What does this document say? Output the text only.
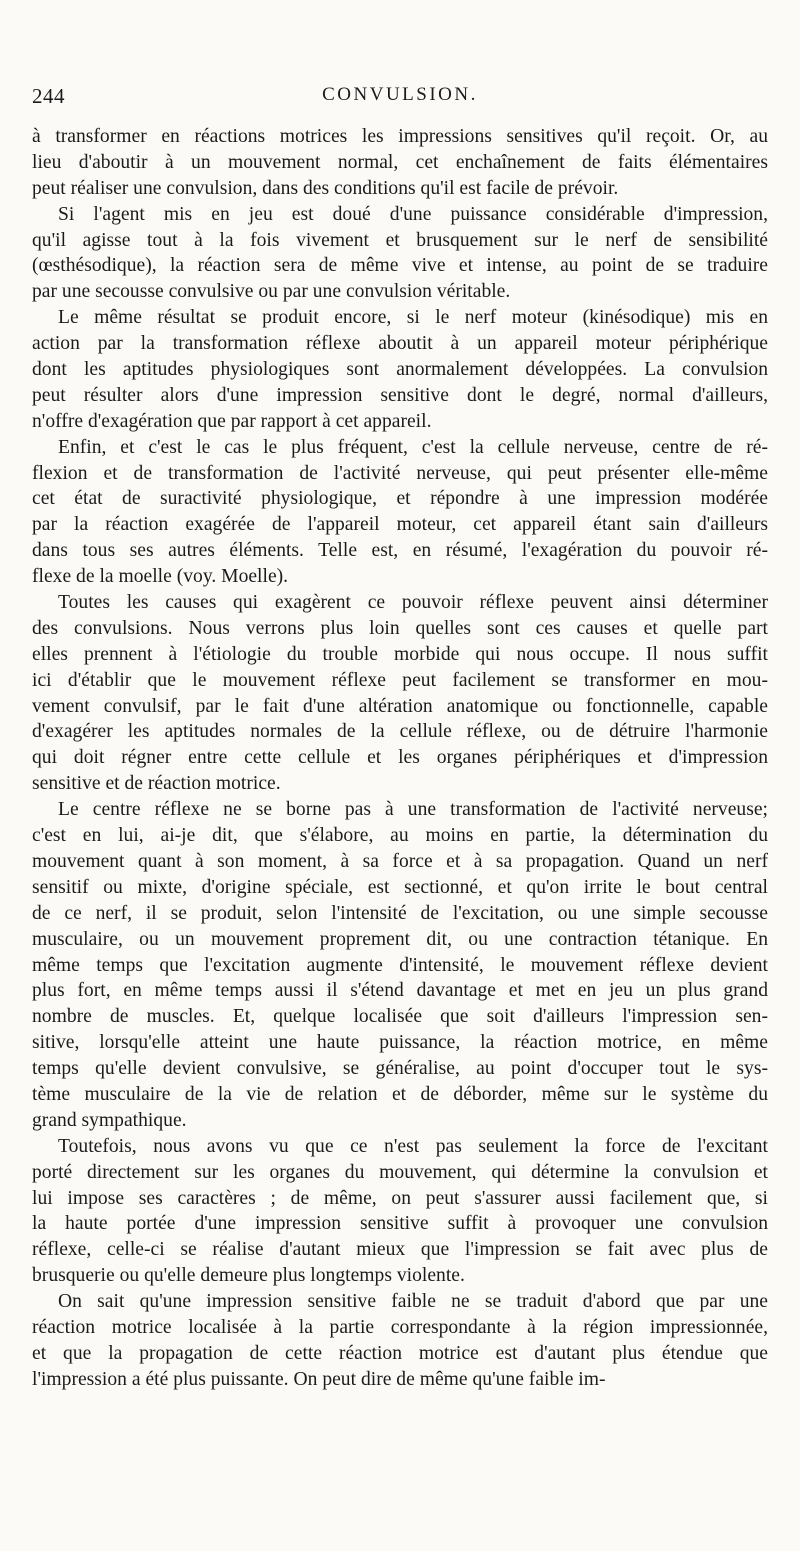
244	CONVULSION.
à transformer en réactions motrices les impressions sensitives qu'il reçoit. Or, au
lieu d'aboutir à un mouvement normal, cet enchaînement de faits élémentaires
peut réaliser une convulsion, dans des conditions qu'il est facile de prévoir.
Si l'agent mis en jeu est doué d'une puissance considérable d'impression,
qu'il agisse tout à la fois vivement et brusquement sur le nerf de sensibilité
(œsthésodique), la réaction sera de même vive et intense, au point de se traduire
par une secousse convulsive ou par une convulsion véritable.
Le même résultat se produit encore, si le nerf moteur (kinésodique) mis en
action par la transformation réflexe aboutit à un appareil moteur périphérique
dont les aptitudes physiologiques sont anormalement développées. La convulsion
peut résulter alors d'une impression sensitive dont le degré, normal d'ailleurs,
n'offre d'exagération que par rapport à cet appareil.
Enfin, et c'est le cas le plus fréquent, c'est la cellule nerveuse, centre de ré-
flexion et de transformation de l'activité nerveuse, qui peut présenter elle-même
cet état de suractivité physiologique, et répondre à une impression modérée
par la réaction exagérée de l'appareil moteur, cet appareil étant sain d'ailleurs
dans tous ses autres éléments. Telle est, en résumé, l'exagération du pouvoir ré-
flexe de la moelle (voy. Moelle).
Toutes les causes qui exagèrent ce pouvoir réflexe peuvent ainsi déterminer
des convulsions. Nous verrons plus loin quelles sont ces causes et quelle part
elles prennent à l'étiologie du trouble morbide qui nous occupe. Il nous suffit
ici d'établir que le mouvement réflexe peut facilement se transformer en mou-
vement convulsif, par le fait d'une altération anatomique ou fonctionnelle, capable
d'exagérer les aptitudes normales de la cellule réflexe, ou de détruire l'harmonie
qui doit régner entre cette cellule et les organes périphériques et d'impression
sensitive et de réaction motrice.
Le centre réflexe ne se borne pas à une transformation de l'activité nerveuse;
c'est en lui, ai-je dit, que s'élabore, au moins en partie, la détermination du
mouvement quant à son moment, à sa force et à sa propagation. Quand un nerf
sensitif ou mixte, d'origine spéciale, est sectionné, et qu'on irrite le bout central
de ce nerf, il se produit, selon l'intensité de l'excitation, ou une simple secousse
musculaire, ou un mouvement proprement dit, ou une contraction tétanique. En
même temps que l'excitation augmente d'intensité, le mouvement réflexe devient
plus fort, en même temps aussi il s'étend davantage et met en jeu un plus grand
nombre de muscles. Et, quelque localisée que soit d'ailleurs l'impression sen-
sitive, lorsqu'elle atteint une haute puissance, la réaction motrice, en même
temps qu'elle devient convulsive, se généralise, au point d'occuper tout le sys-
tème musculaire de la vie de relation et de déborder, même sur le système du
grand sympathique.
Toutefois, nous avons vu que ce n'est pas seulement la force de l'excitant
porté directement sur les organes du mouvement, qui détermine la convulsion et
lui impose ses caractères ; de même, on peut s'assurer aussi facilement que, si
la haute portée d'une impression sensitive suffit à provoquer une convulsion
réflexe, celle-ci se réalise d'autant mieux que l'impression se fait avec plus de
brusquerie ou qu'elle demeure plus longtemps violente.
On sait qu'une impression sensitive faible ne se traduit d'abord que par une
réaction motrice localisée à la partie correspondante à la région impressionnée,
et que la propagation de cette réaction motrice est d'autant plus étendue que
l'impression a été plus puissante. On peut dire de même qu'une faible im-
